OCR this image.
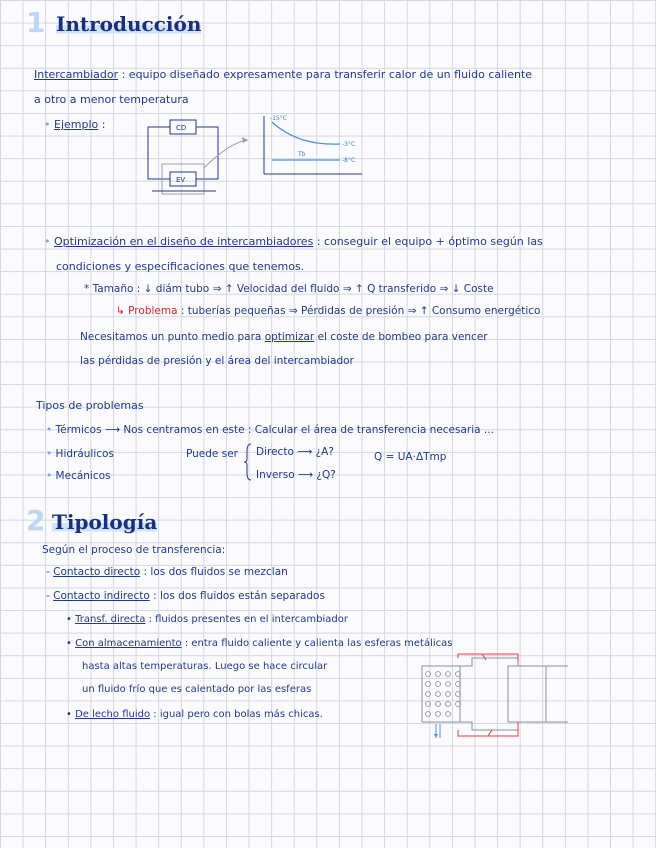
1 Introducción
Intercambiador : equipo diseñado expresamente para transferir calor de un fluido caliente
a otro a menor temperatura
• Ejemplo :	CD
EV
-15°C
-3°C
Tb
-8°C
• Optimización en el diseño de intercambiadores : conseguir el equipo + óptimo según las
condiciones y especificaciones que tenemos.
* Tamaño : ↓ diám tubo ⇒ ↑ Velocidad del fluido ⇒ ↑ Q transferido ⇒ ↓ Coste
↳ Problema : tuberías pequeñas ⇒ Pérdidas de presión ⇒ ↑ Consumo energético
Necesitamos un punto medio para optimizar el coste de bombeo para vencer
las pérdidas de presión y el área del intercambiador
Tipos de problemas
• Térmicos ⟶ Nos centramos en este : Calcular el área de transferencia necesaria ...
• Hidráulicos
• Mecánicos
Puede ser Directo ⟶ ¿A?
Inverso ⟶ ¿Q?
Q = UA·ΔTmp
2 Tipología
Según el proceso de transferencia:
- Contacto directo : los dos fluidos se mezclan
- Contacto indirecto : los dos fluidos están separados
• Transf. directa : fluidos presentes en el intercambiador
• Con almacenamiento : entra fluido caliente y calienta las esferas metálicas
hasta altas temperaturas. Luego se hace circular
un fluido frío que es calentado por las esferas
• De lecho fluido : igual pero con bolas más chicas.
